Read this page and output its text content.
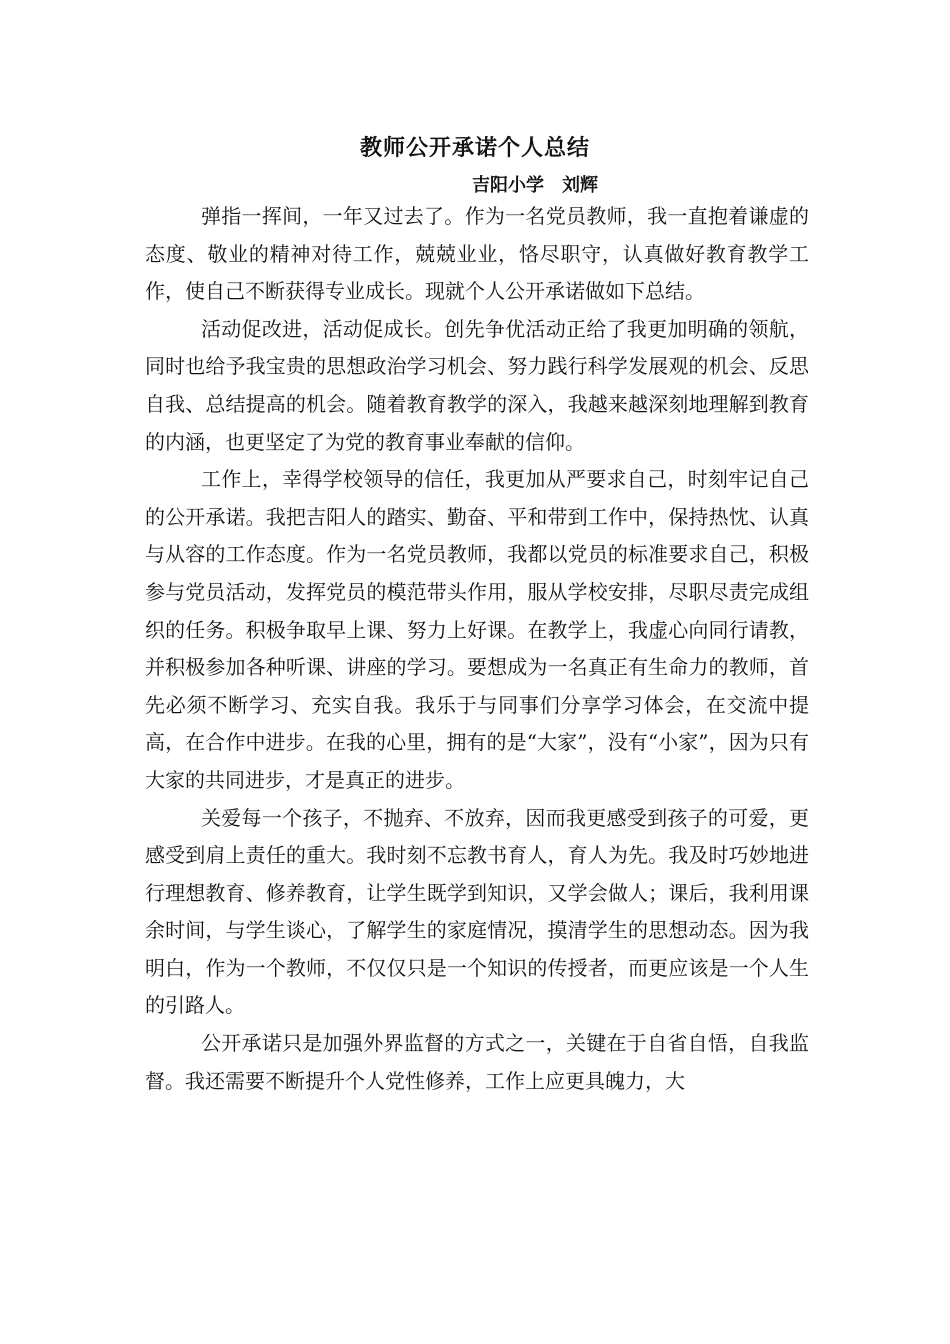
教师公开承诺个人总结
吉阳小学　刘辉

弹指一挥间，一年又过去了。作为一名党员教师，我一直抱着谦虚的态度、敬业的精神对待工作，兢兢业业，恪尽职守，认真做好教育教学工作，使自己不断获得专业成长。现就个人公开承诺做如下总结。

活动促改进，活动促成长。创先争优活动正给了我更加明确的领航，同时也给予我宝贵的思想政治学习机会、努力践行科学发展观的机会、反思自我、总结提高的机会。随着教育教学的深入，我越来越深刻地理解到教育的内涵，也更坚定了为党的教育事业奉献的信仰。

工作上，幸得学校领导的信任，我更加从严要求自己，时刻牢记自己的公开承诺。我把吉阳人的踏实、勤奋、平和带到工作中，保持热忱、认真与从容的工作态度。作为一名党员教师，我都以党员的标准要求自己，积极参与党员活动，发挥党员的模范带头作用，服从学校安排，尽职尽责完成组织的任务。积极争取早上课、努力上好课。在教学上，我虚心向同行请教，并积极参加各种听课、讲座的学习。要想成为一名真正有生命力的教师，首先必须不断学习、充实自我。我乐于与同事们分享学习体会，在交流中提高，在合作中进步。在我的心里，拥有的是“大家”，没有“小家”，因为只有大家的共同进步，才是真正的进步。

关爱每一个孩子，不抛弃、不放弃，因而我更感受到孩子的可爱，更感受到肩上责任的重大。我时刻不忘教书育人，育人为先。我及时巧妙地进行理想教育、修养教育，让学生既学到知识，又学会做人；课后，我利用课余时间，与学生谈心，了解学生的家庭情况，摸清学生的思想动态。因为我明白，作为一个教师，不仅仅只是一个知识的传授者，而更应该是一个人生的引路人。

公开承诺只是加强外界监督的方式之一，关键在于自省自悟，自我监督。我还需要不断提升个人党性修养，工作上应更具魄力，大
